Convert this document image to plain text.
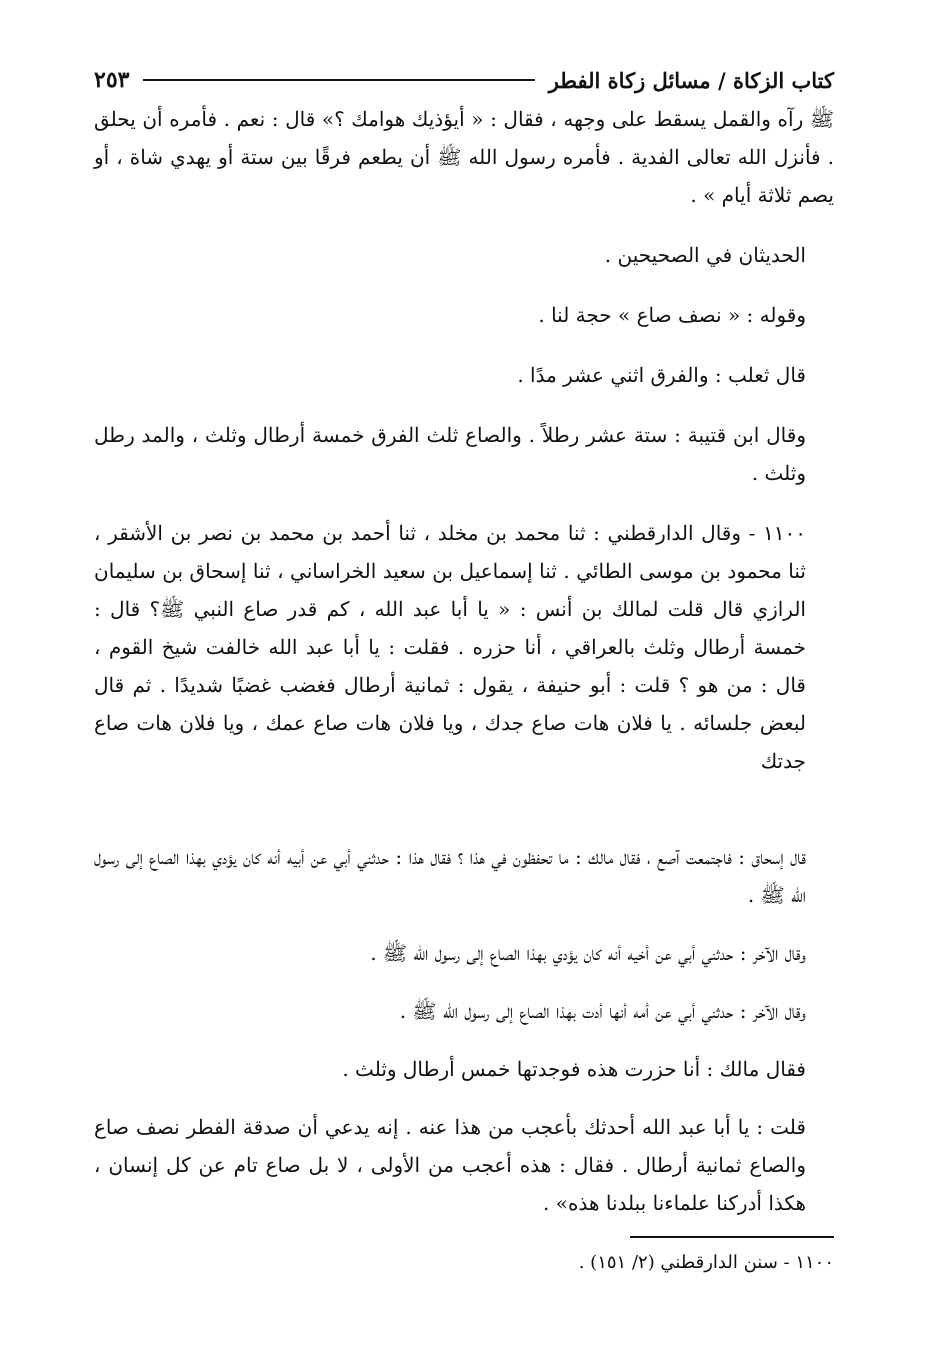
كتاب الزكاة / مسائل زكاة الفطر
٢٥٣

ﷺ رآه والقمل يسقط على وجهه ، فقال : « أيؤذيك هوامك ؟» قال : نعم . فأمره أن يحلق . فأنزل الله تعالى الفدية . فأمره رسول الله ﷺ أن يطعم فرقًا بين ستة أو يهدي شاة ، أو يصم ثلاثة أيام » .

الحديثان في الصحيحين .

وقوله : « نصف صاع » حجة لنا .

قال ثعلب : والفرق اثني عشر مدًا .

وقال ابن قتيبة : ستة عشر رطلاً . والصاع ثلث الفرق خمسة أرطال وثلث ، والمد رطل وثلث .

١١٠٠ - وقال الدارقطني : ثنا محمد بن مخلد ، ثنا أحمد بن محمد بن نصر بن الأشقر ، ثنا محمود بن موسى الطائي . ثنا إسماعيل بن سعيد الخراساني ، ثنا إسحاق بن سليمان الرازي قال قلت لمالك بن أنس : « يا أبا عبد الله ، كم قدر صاع النبي ﷺ؟ قال : خمسة أرطال وثلث بالعراقي ، أنا حزره . فقلت : يا أبا عبد الله خالفت شيخ القوم ، قال : من هو ؟ قلت : أبو حنيفة ، يقول : ثمانية أرطال فغضب غضبًا شديدًا . ثم قال لبعض جلسائه . يا فلان هات صاع جدك ، ويا فلان هات صاع عمك ، ويا فلان هات صاع جدتك

قال إسحاق : فاجتمعت آصع ، فقال مالك : ما تحفظون في هذا ؟ فقال هذا : حدثني أبي عن أبيه أنه كان يؤدي بهذا الصاع إلى رسول الله ﷺ .

وقال الآخر : حدثني أبي عن أخيه أنه كان يؤدي بهذا الصاع إلى رسول الله ﷺ .

وقال الآخر : حدثني أبي عن أمه أنها أدت بهذا الصاع إلى رسول الله ﷺ .

فقال مالك : أنا حزرت هذه فوجدتها خمس أرطال وثلث .

قلت : يا أبا عبد الله أحدثك بأعجب من هذا عنه . إنه يدعي أن صدقة الفطر نصف صاع والصاع ثمانية أرطال . فقال : هذه أعجب من الأولى ، لا بل صاع تام عن كل إنسان ، هكذا أدركنا علماءنا ببلدنا هذه» .

١١٠٠ - سنن الدارقطني (٢/ ١٥١) .
